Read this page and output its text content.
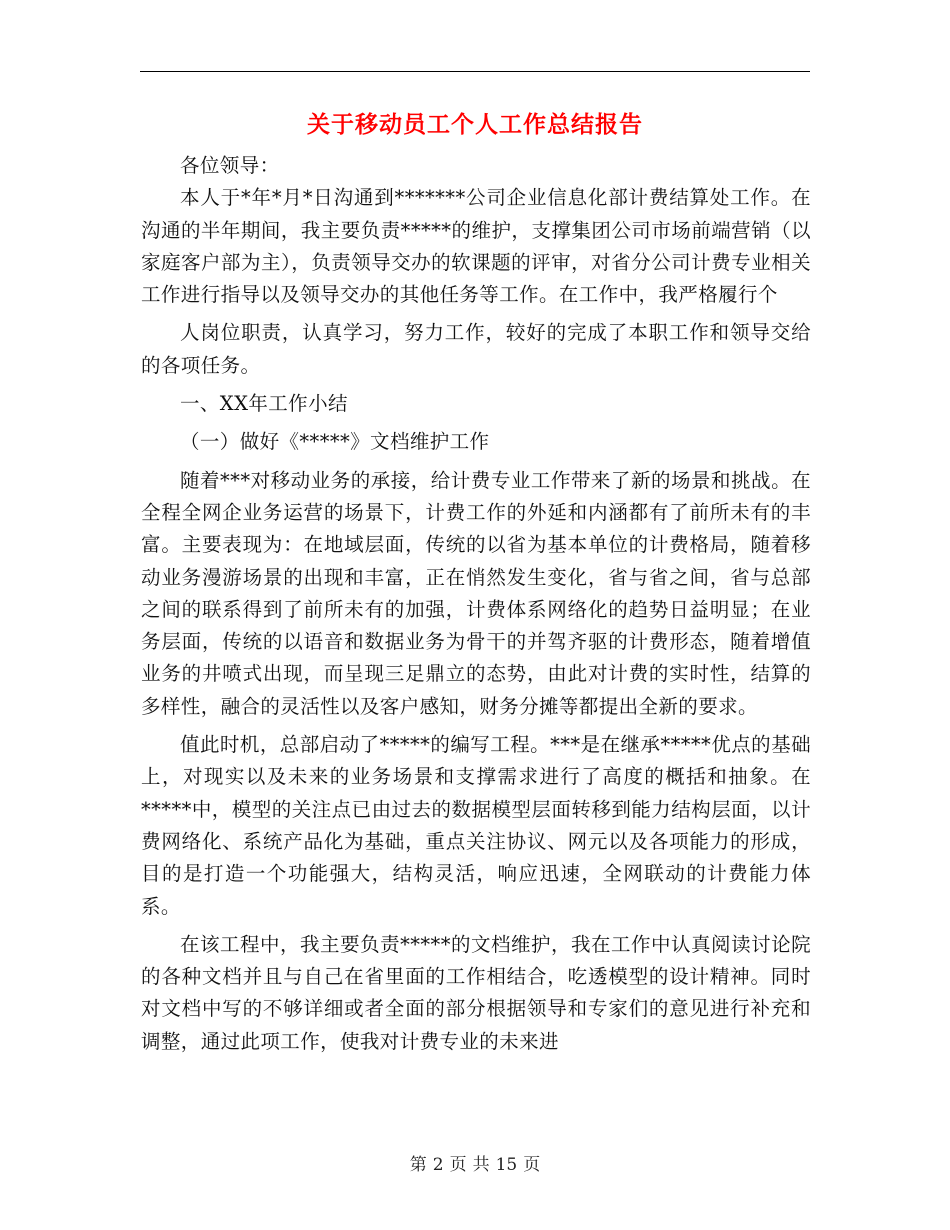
关于移动员工个人工作总结报告

各位领导：

本人于*年*月*日沟通到*******公司企业信息化部计费结算处工作。在沟通的半年期间，我主要负责*****的维护，支撑集团公司市场前端营销（以家庭客户部为主），负责领导交办的软课题的评审，对省分公司计费专业相关工作进行指导以及领导交办的其他任务等工作。在工作中，我严格履行个

人岗位职责，认真学习，努力工作，较好的完成了本职工作和领导交给的各项任务。

一、XX年工作小结

（一）做好《*****》文档维护工作

随着***对移动业务的承接，给计费专业工作带来了新的场景和挑战。在全程全网企业务运营的场景下，计费工作的外延和内涵都有了前所未有的丰富。主要表现为：在地域层面，传统的以省为基本单位的计费格局，随着移动业务漫游场景的出现和丰富，正在悄然发生变化，省与省之间，省与总部之间的联系得到了前所未有的加强，计费体系网络化的趋势日益明显；在业务层面，传统的以语音和数据业务为骨干的并驾齐驱的计费形态，随着增值业务的井喷式出现，而呈现三足鼎立的态势，由此对计费的实时性，结算的多样性，融合的灵活性以及客户感知，财务分摊等都提出全新的要求。

值此时机，总部启动了*****的编写工程。***是在继承*****优点的基础上，对现实以及未来的业务场景和支撑需求进行了高度的概括和抽象。在*****中，模型的关注点已由过去的数据模型层面转移到能力结构层面，以计费网络化、系统产品化为基础，重点关注协议、网元以及各项能力的形成，目的是打造一个功能强大，结构灵活，响应迅速，全网联动的计费能力体系。

在该工程中，我主要负责*****的文档维护，我在工作中认真阅读讨论院的各种文档并且与自己在省里面的工作相结合，吃透模型的设计精神。同时对文档中写的不够详细或者全面的部分根据领导和专家们的意见进行补充和调整，通过此项工作，使我对计费专业的未来进

第 2 页 共 15 页
